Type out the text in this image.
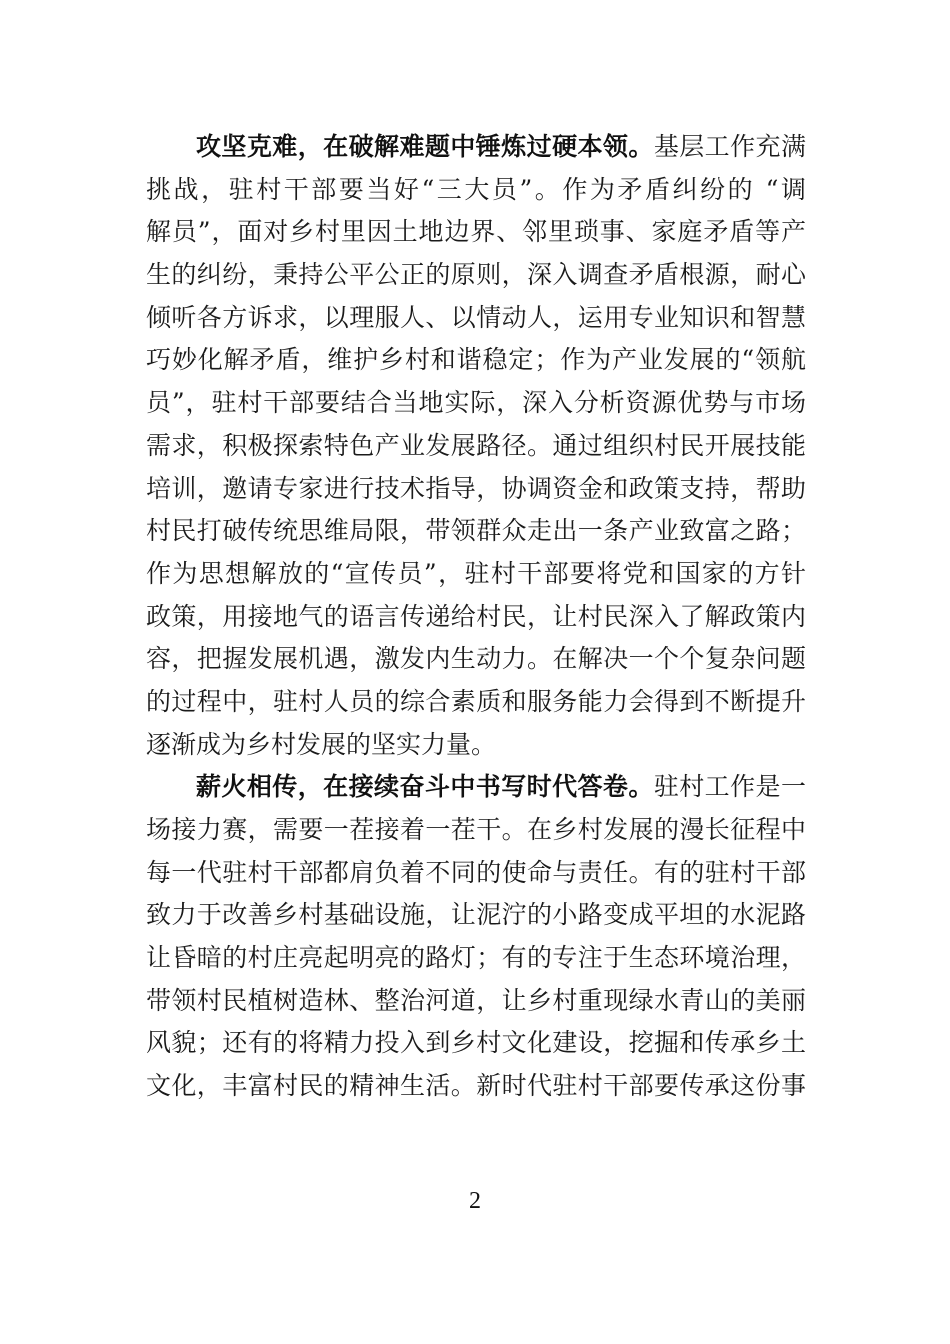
攻坚克难，在破解难题中锤炼过硬本领。基层工作充满
挑战，驻村干部要当好“三大员”。作为矛盾纠纷的 “调
解员”，面对乡村里因土地边界、邻里琐事、家庭矛盾等产
生的纠纷，秉持公平公正的原则，深入调查矛盾根源，耐心
倾听各方诉求，以理服人、以情动人，运用专业知识和智慧
巧妙化解矛盾，维护乡村和谐稳定；作为产业发展的“领航
员”，驻村干部要结合当地实际，深入分析资源优势与市场
需求，积极探索特色产业发展路径。通过组织村民开展技能
培训，邀请专家进行技术指导，协调资金和政策支持，帮助
村民打破传统思维局限，带领群众走出一条产业致富之路；
作为思想解放的“宣传员”，驻村干部要将党和国家的方针
政策，用接地气的语言传递给村民，让村民深入了解政策内
容，把握发展机遇，激发内生动力。在解决一个个复杂问题
的过程中，驻村人员的综合素质和服务能力会得到不断提升
逐渐成为乡村发展的坚实力量。
薪火相传，在接续奋斗中书写时代答卷。驻村工作是一
场接力赛，需要一茬接着一茬干。在乡村发展的漫长征程中
每一代驻村干部都肩负着不同的使命与责任。有的驻村干部
致力于改善乡村基础设施，让泥泞的小路变成平坦的水泥路
让昏暗的村庄亮起明亮的路灯；有的专注于生态环境治理，
带领村民植树造林、整治河道，让乡村重现绿水青山的美丽
风貌；还有的将精力投入到乡村文化建设，挖掘和传承乡土
文化，丰富村民的精神生活。新时代驻村干部要传承这份事
2
